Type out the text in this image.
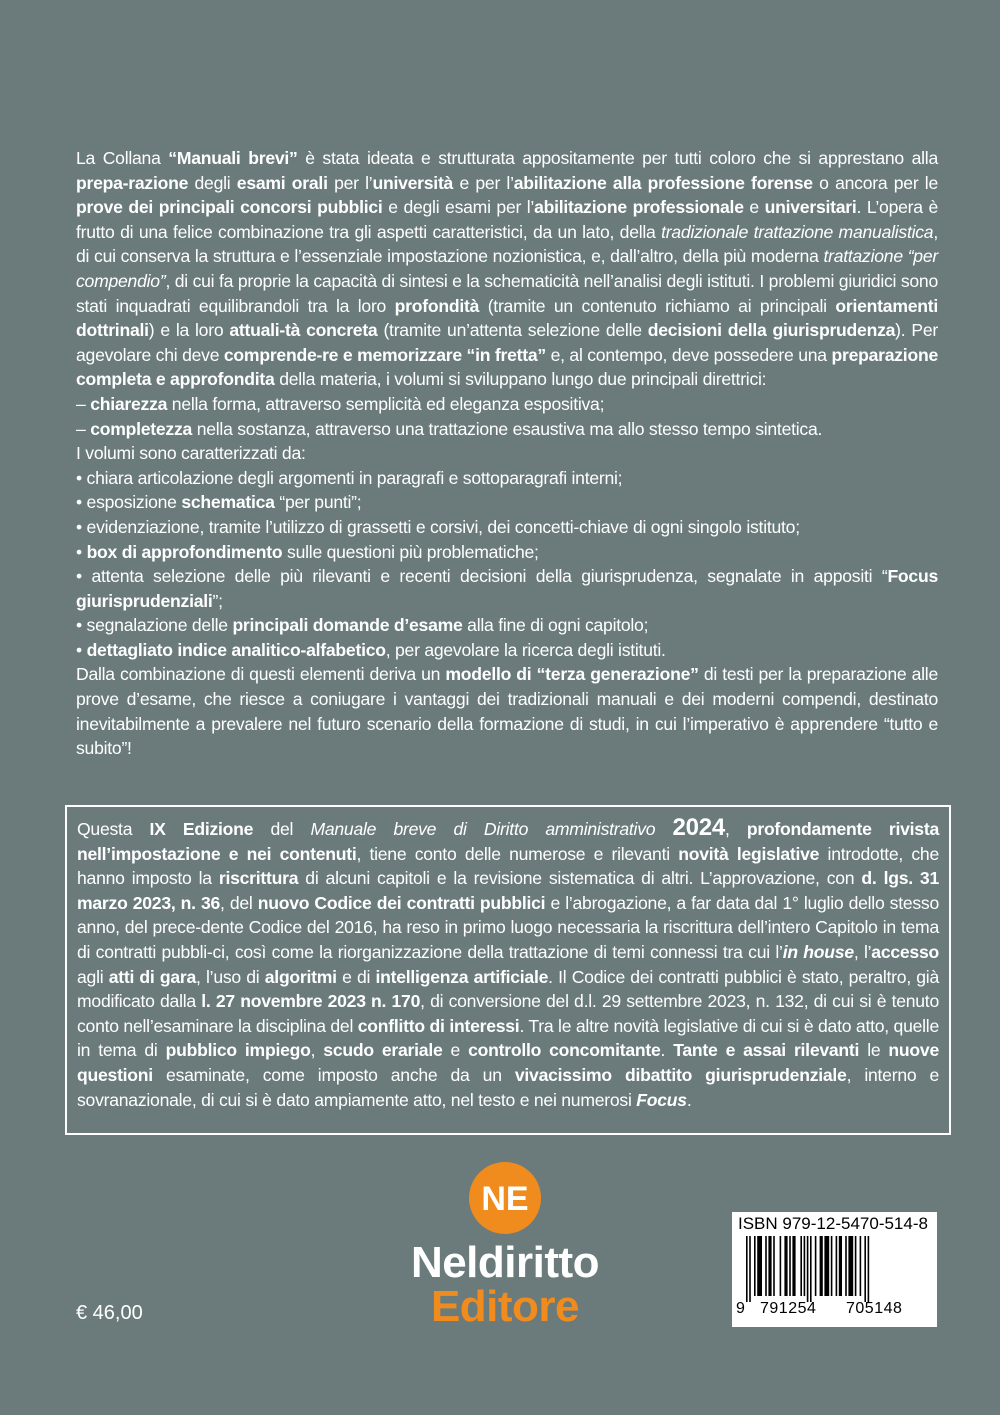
La Collana “Manuali brevi” è stata ideata e strutturata appositamente per tutti coloro che si apprestano alla prepa-razione degli esami orali per l’università e per l’abilitazione alla professione forense o ancora per le prove dei principali concorsi pubblici e degli esami per l’abilitazione professionale e universitari. L’opera è frutto di una felice combinazione tra gli aspetti caratteristici, da un lato, della tradizionale trattazione manualistica, di cui conserva la struttura e l’essenziale impostazione nozionistica, e, dall’altro, della più moderna trattazione “per compendio”, di cui fa proprie la capacità di sintesi e la schematicità nell’analisi degli istituti. I problemi giuridici sono stati inquadrati equilibrandoli tra la loro profondità (tramite un contenuto richiamo ai principali orientamenti dottrinali) e la loro attuali-tà concreta (tramite un’attenta selezione delle decisioni della giurisprudenza). Per agevolare chi deve comprende-re e memorizzare “in fretta” e, al contempo, deve possedere una preparazione completa e approfondita della materia, i volumi si sviluppano lungo due principali direttrici:

– chiarezza nella forma, attraverso semplicità ed eleganza espositiva;

– completezza nella sostanza, attraverso una trattazione esaustiva ma allo stesso tempo sintetica.

I volumi sono caratterizzati da:

• chiara articolazione degli argomenti in paragrafi e sottoparagrafi interni;

• esposizione schematica “per punti”;

• evidenziazione, tramite l’utilizzo di grassetti e corsivi, dei concetti-chiave di ogni singolo istituto;

• box di approfondimento sulle questioni più problematiche;

• attenta selezione delle più rilevanti e recenti decisioni della giurisprudenza, segnalate in appositi “Focus giurisprudenziali”;

• segnalazione delle principali domande d’esame alla fine di ogni capitolo;

• dettagliato indice analitico-alfabetico, per agevolare la ricerca degli istituti.

Dalla combinazione di questi elementi deriva un modello di “terza generazione” di testi per la preparazione alle prove d’esame, che riesce a coniugare i vantaggi dei tradizionali manuali e dei moderni compendi, destinato inevitabilmente a prevalere nel futuro scenario della formazione di studi, in cui l’imperativo è apprendere “tutto e subito”!

Questa IX Edizione del Manuale breve di Diritto amministrativo 2024, profondamente rivista nell’impostazione e nei contenuti, tiene conto delle numerose e rilevanti novità legislative introdotte, che hanno imposto la riscrittura di alcuni capitoli e la revisione sistematica di altri. L’approvazione, con d. lgs. 31 marzo 2023, n. 36, del nuovo Codice dei contratti pubblici e l’abrogazione, a far data dal 1° luglio dello stesso anno, del prece-dente Codice del 2016, ha reso in primo luogo necessaria la riscrittura dell’intero Capitolo in tema di contratti pubbli-ci, così come la riorganizzazione della trattazione di temi connessi tra cui l’in house, l’accesso agli atti di gara, l’uso di algoritmi e di intelligenza artificiale. Il Codice dei contratti pubblici è stato, peraltro, già modificato dalla l. 27 novembre 2023 n. 170, di conversione del d.l. 29 settembre 2023, n. 132, di cui si è tenuto conto nell’esaminare la disciplina del conflitto di interessi. Tra le altre novità legislative di cui si è dato atto, quelle in tema di pubblico impiego, scudo erariale e controllo concomitante. Tante e assai rilevanti le nuove questioni esaminate, come imposto anche da un vivacissimo dibattito giurisprudenziale, interno e sovranazionale, di cui si è dato ampiamente atto, nel testo e nei numerosi Focus.

NE
Neldiritto
Editore
€ 46,00
ISBN 979-12-5470-514-8
9 791254 705148
